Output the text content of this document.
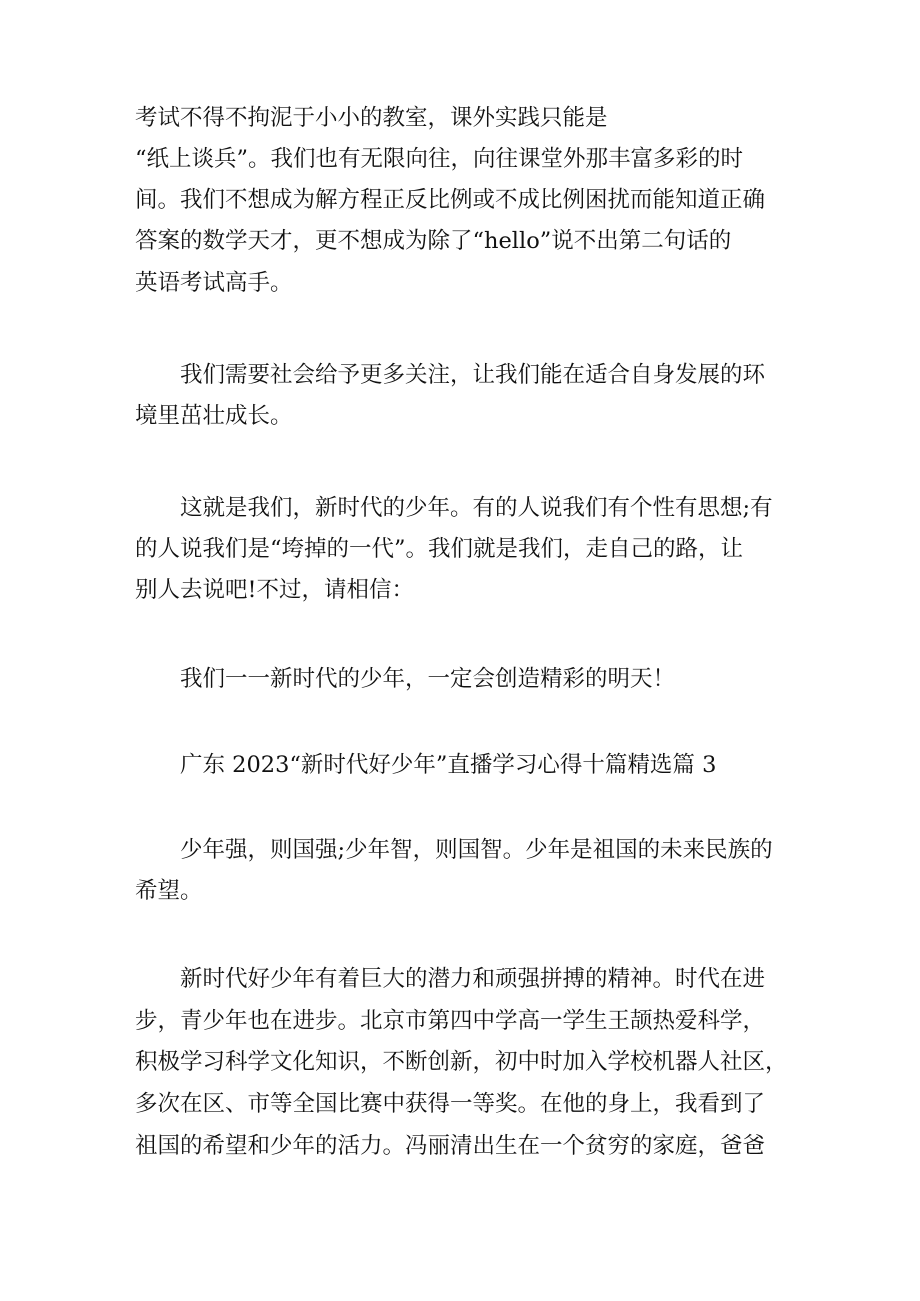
考试不得不拘泥于小小的教室，课外实践只能是
“纸上谈兵”。我们也有无限向往，向往课堂外那丰富多彩的时
间。我们不想成为解方程正反比例或不成比例困扰而能知道正确
答案的数学天才，更不想成为除了“hello”说不出第二句话的
英语考试高手。
我们需要社会给予更多关注，让我们能在适合自身发展的环
境里茁壮成长。
这就是我们，新时代的少年。有的人说我们有个性有思想;有
的人说我们是“垮掉的一代”。我们就是我们，走自己的路，让
别人去说吧!不过，请相信：
我们一一新时代的少年，一定会创造精彩的明天！
广东 2023“新时代好少年”直播学习心得十篇精选篇 3
少年强，则国强;少年智，则国智。少年是祖国的未来民族的
希望。
新时代好少年有着巨大的潜力和顽强拼搏的精神。时代在进
步，青少年也在进步。北京市第四中学高一学生王颉热爱科学，
积极学习科学文化知识，不断创新，初中时加入学校机器人社区，
多次在区、市等全国比赛中获得一等奖。在他的身上，我看到了
祖国的希望和少年的活力。冯丽清出生在一个贫穷的家庭，爸爸
